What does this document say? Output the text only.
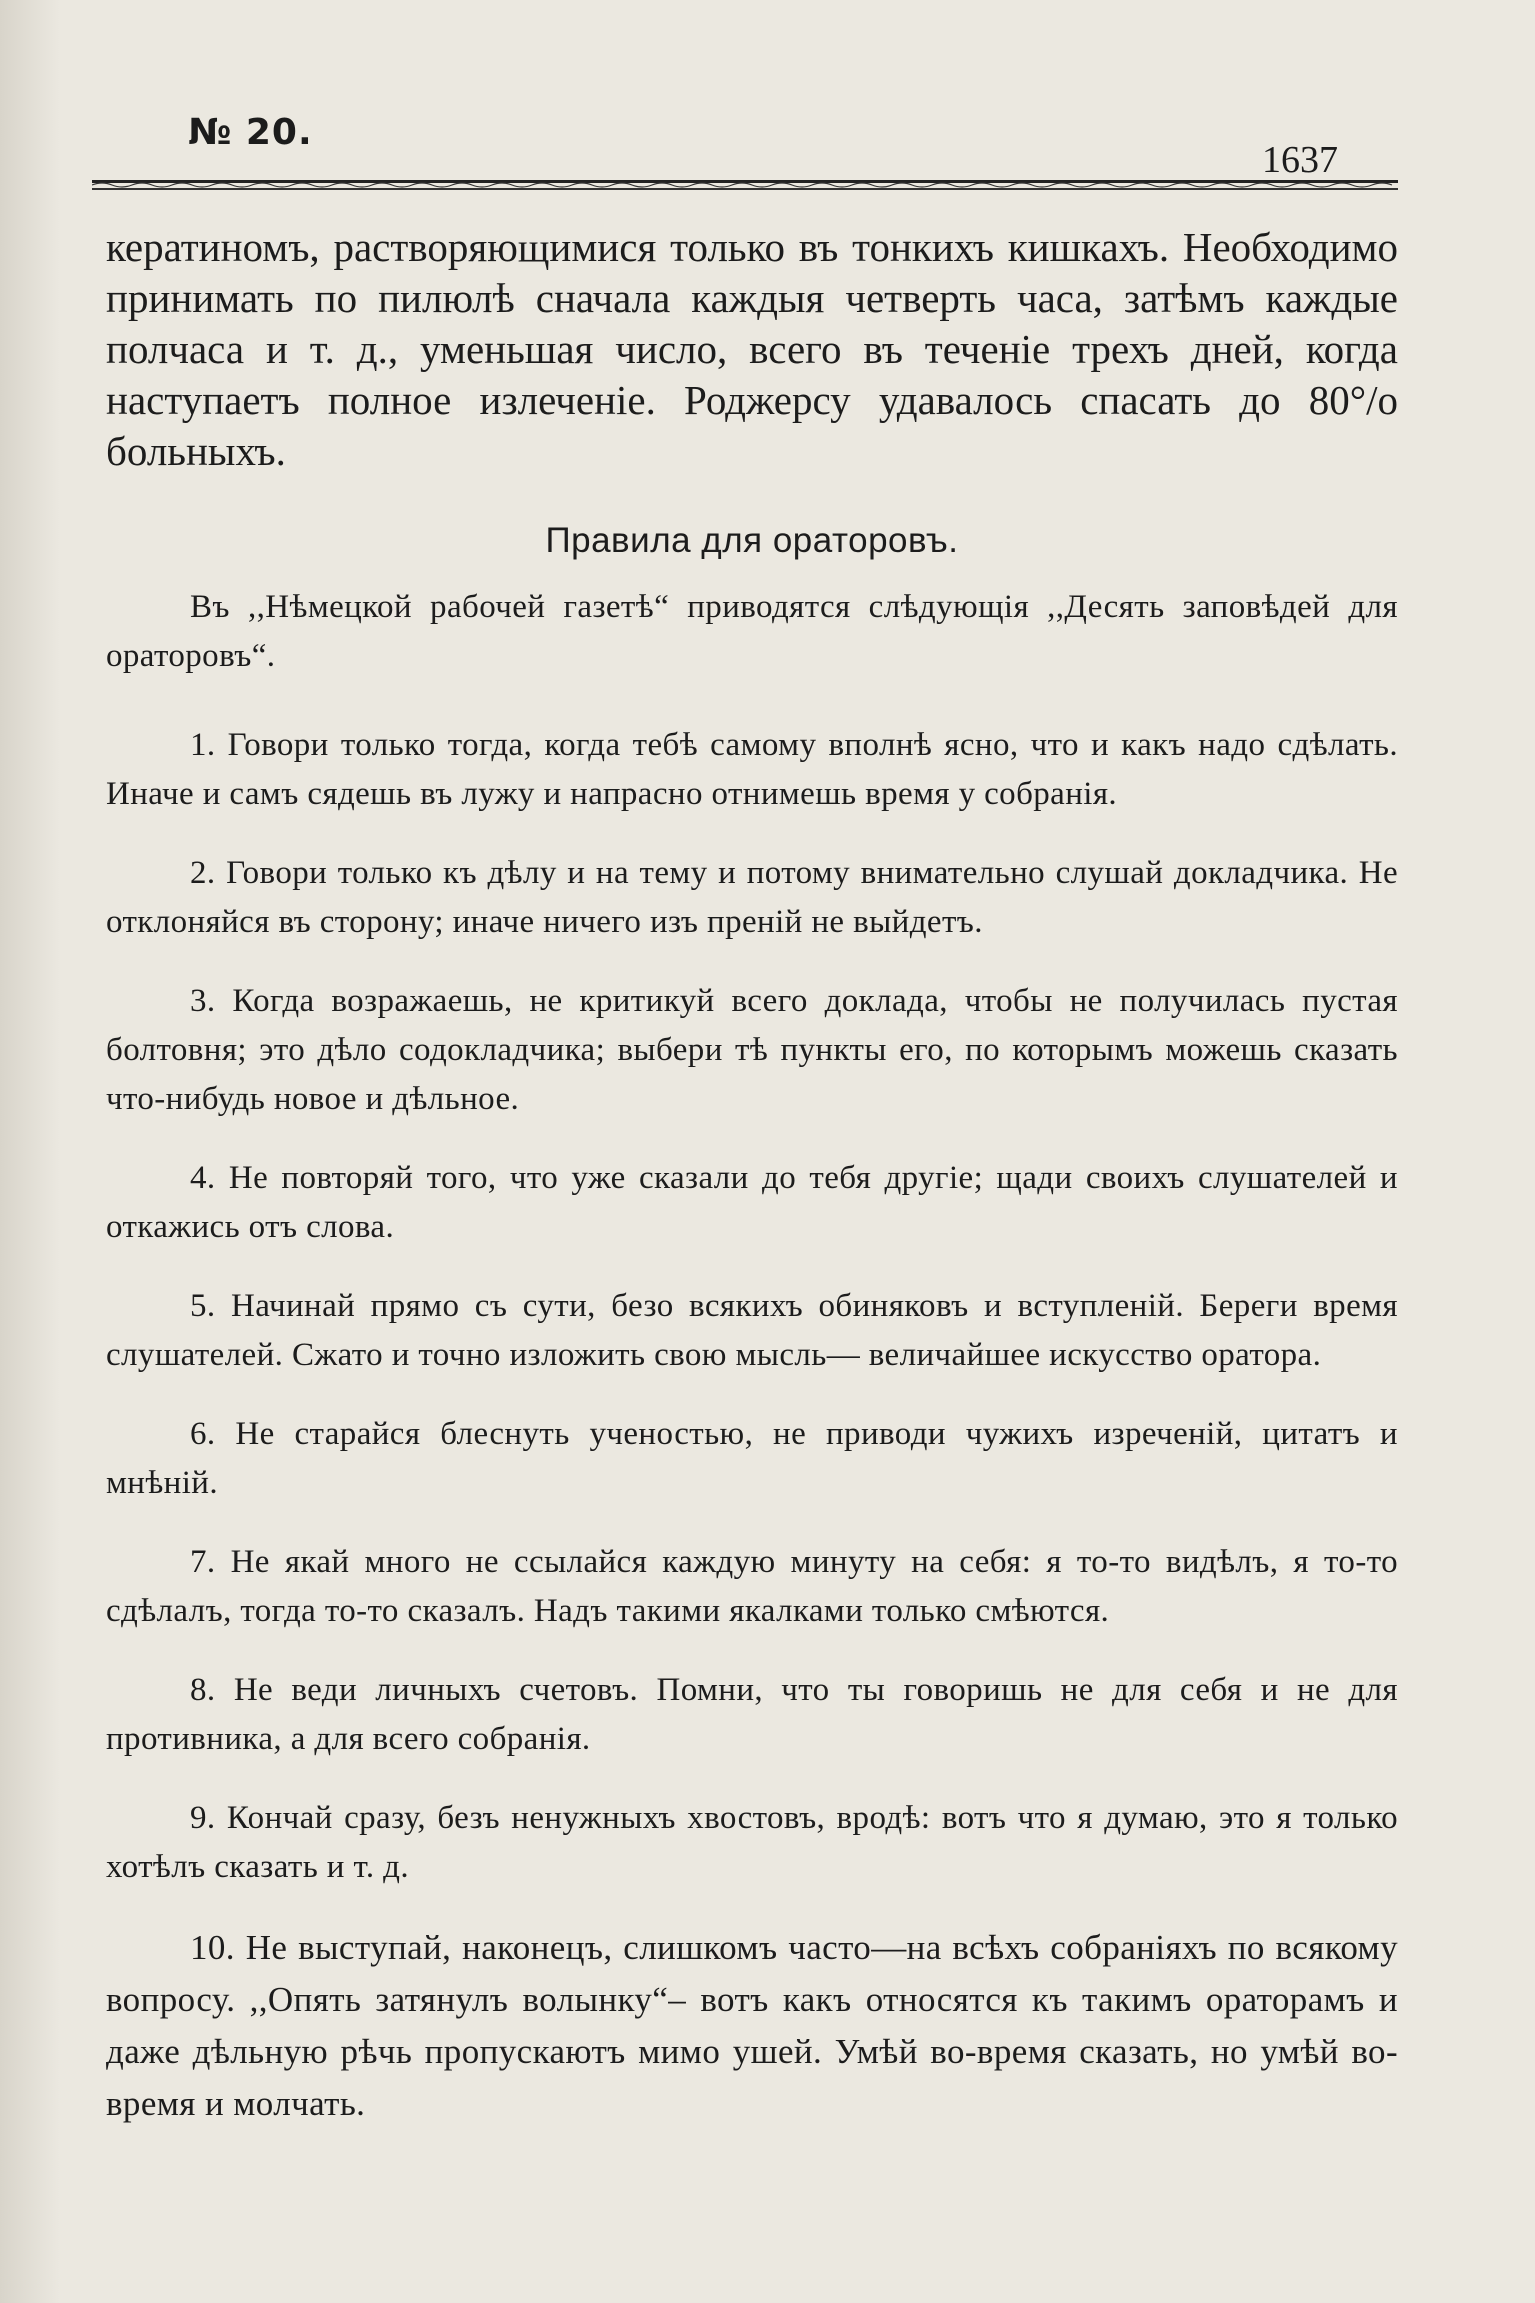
№ 20.
1637

кератиномъ, растворяющимися только въ тонкихъ кишкахъ. Необходимо принимать по пилюлѣ сначала каждыя четверть часа, затѣмъ каждые полчаса и т. д., уменьшая число, всего въ теченіе трехъ дней, когда наступаетъ полное излеченіе. Роджерсу удавалось спасать до 80°/о больныхъ.

Правила для ораторовъ.

Въ ,,Нѣмецкой рабочей газетѣ“ приводятся слѣдующія ,,Десять заповѣдей для ораторовъ“.

1. Говори только тогда, когда тебѣ самому вполнѣ ясно, что и какъ надо сдѣлать. Иначе и самъ сядешь въ лужу и напрасно отнимешь время у собранія.

2. Говори только къ дѣлу и на тему и потому внимательно слушай докладчика. Не отклоняйся въ сторону; иначе ничего изъ преній не выйдетъ.

3. Когда возражаешь, не критикуй всего доклада, чтобы не получилась пустая болтовня; это дѣло содокладчика; выбери тѣ пункты его, по которымъ можешь сказать что-нибудь новое и дѣльное.

4. Не повторяй того, что уже сказали до тебя другіе; щади своихъ слушателей и откажись отъ слова.

5. Начинай прямо съ сути, безо всякихъ обиняковъ и вступленій. Береги время слушателей. Сжато и точно изложить свою мысль— величайшее искусство оратора.

6. Не старайся блеснуть ученостью, не приводи чужихъ изреченій, цитатъ и мнѣній.

7. Не якай много не ссылайся каждую минуту на себя: я то-то видѣлъ, я то-то сдѣлалъ, тогда то-то сказалъ. Надъ такими якалками только смѣются.

8. Не веди личныхъ счетовъ. Помни, что ты говоришь не для себя и не для противника, а для всего собранія.

9. Кончай сразу, безъ ненужныхъ хвостовъ, вродѣ: вотъ что я думаю, это я только хотѣлъ сказать и т. д.

10. Не выступай, наконецъ, слишкомъ часто—на всѣхъ собраніяхъ по всякому вопросу. ,,Опять затянулъ волынку“– вотъ какъ относятся къ такимъ ораторамъ и даже дѣльную рѣчь пропускаютъ мимо ушей. Умѣй во-время сказать, но умѣй во-время и молчать.
